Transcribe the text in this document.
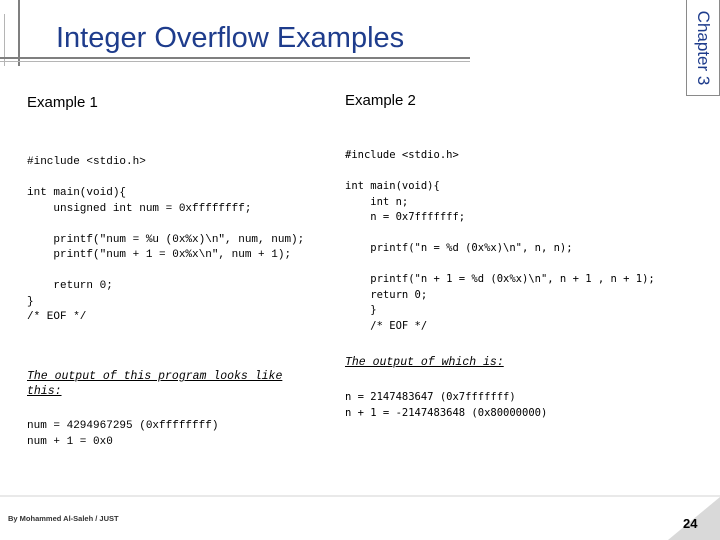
Integer Overflow Examples	Chapter 3
Example 1
#include <stdio.h>

int main(void){
unsigned int num = 0xffffffff;

printf("num = %u (0x%x)\n", num, num);
printf("num + 1 = 0x%x\n", num + 1);

return 0;
}
/* EOF */
The output of this program looks like
this:
num = 4294967295 (0xffffffff)
num + 1 = 0x0
Example 2
#include <stdio.h>

int main(void){
int n;
n = 0x7fffffff;

printf("n = %d (0x%x)\n", n, n);

printf("n + 1 = %d (0x%x)\n", n + 1 , n + 1);
return 0;
}
/* EOF */
The output of which is:
n = 2147483647 (0x7fffffff)
n + 1 = -2147483648 (0x80000000)
By Mohammed Al-Saleh / JUST	24
